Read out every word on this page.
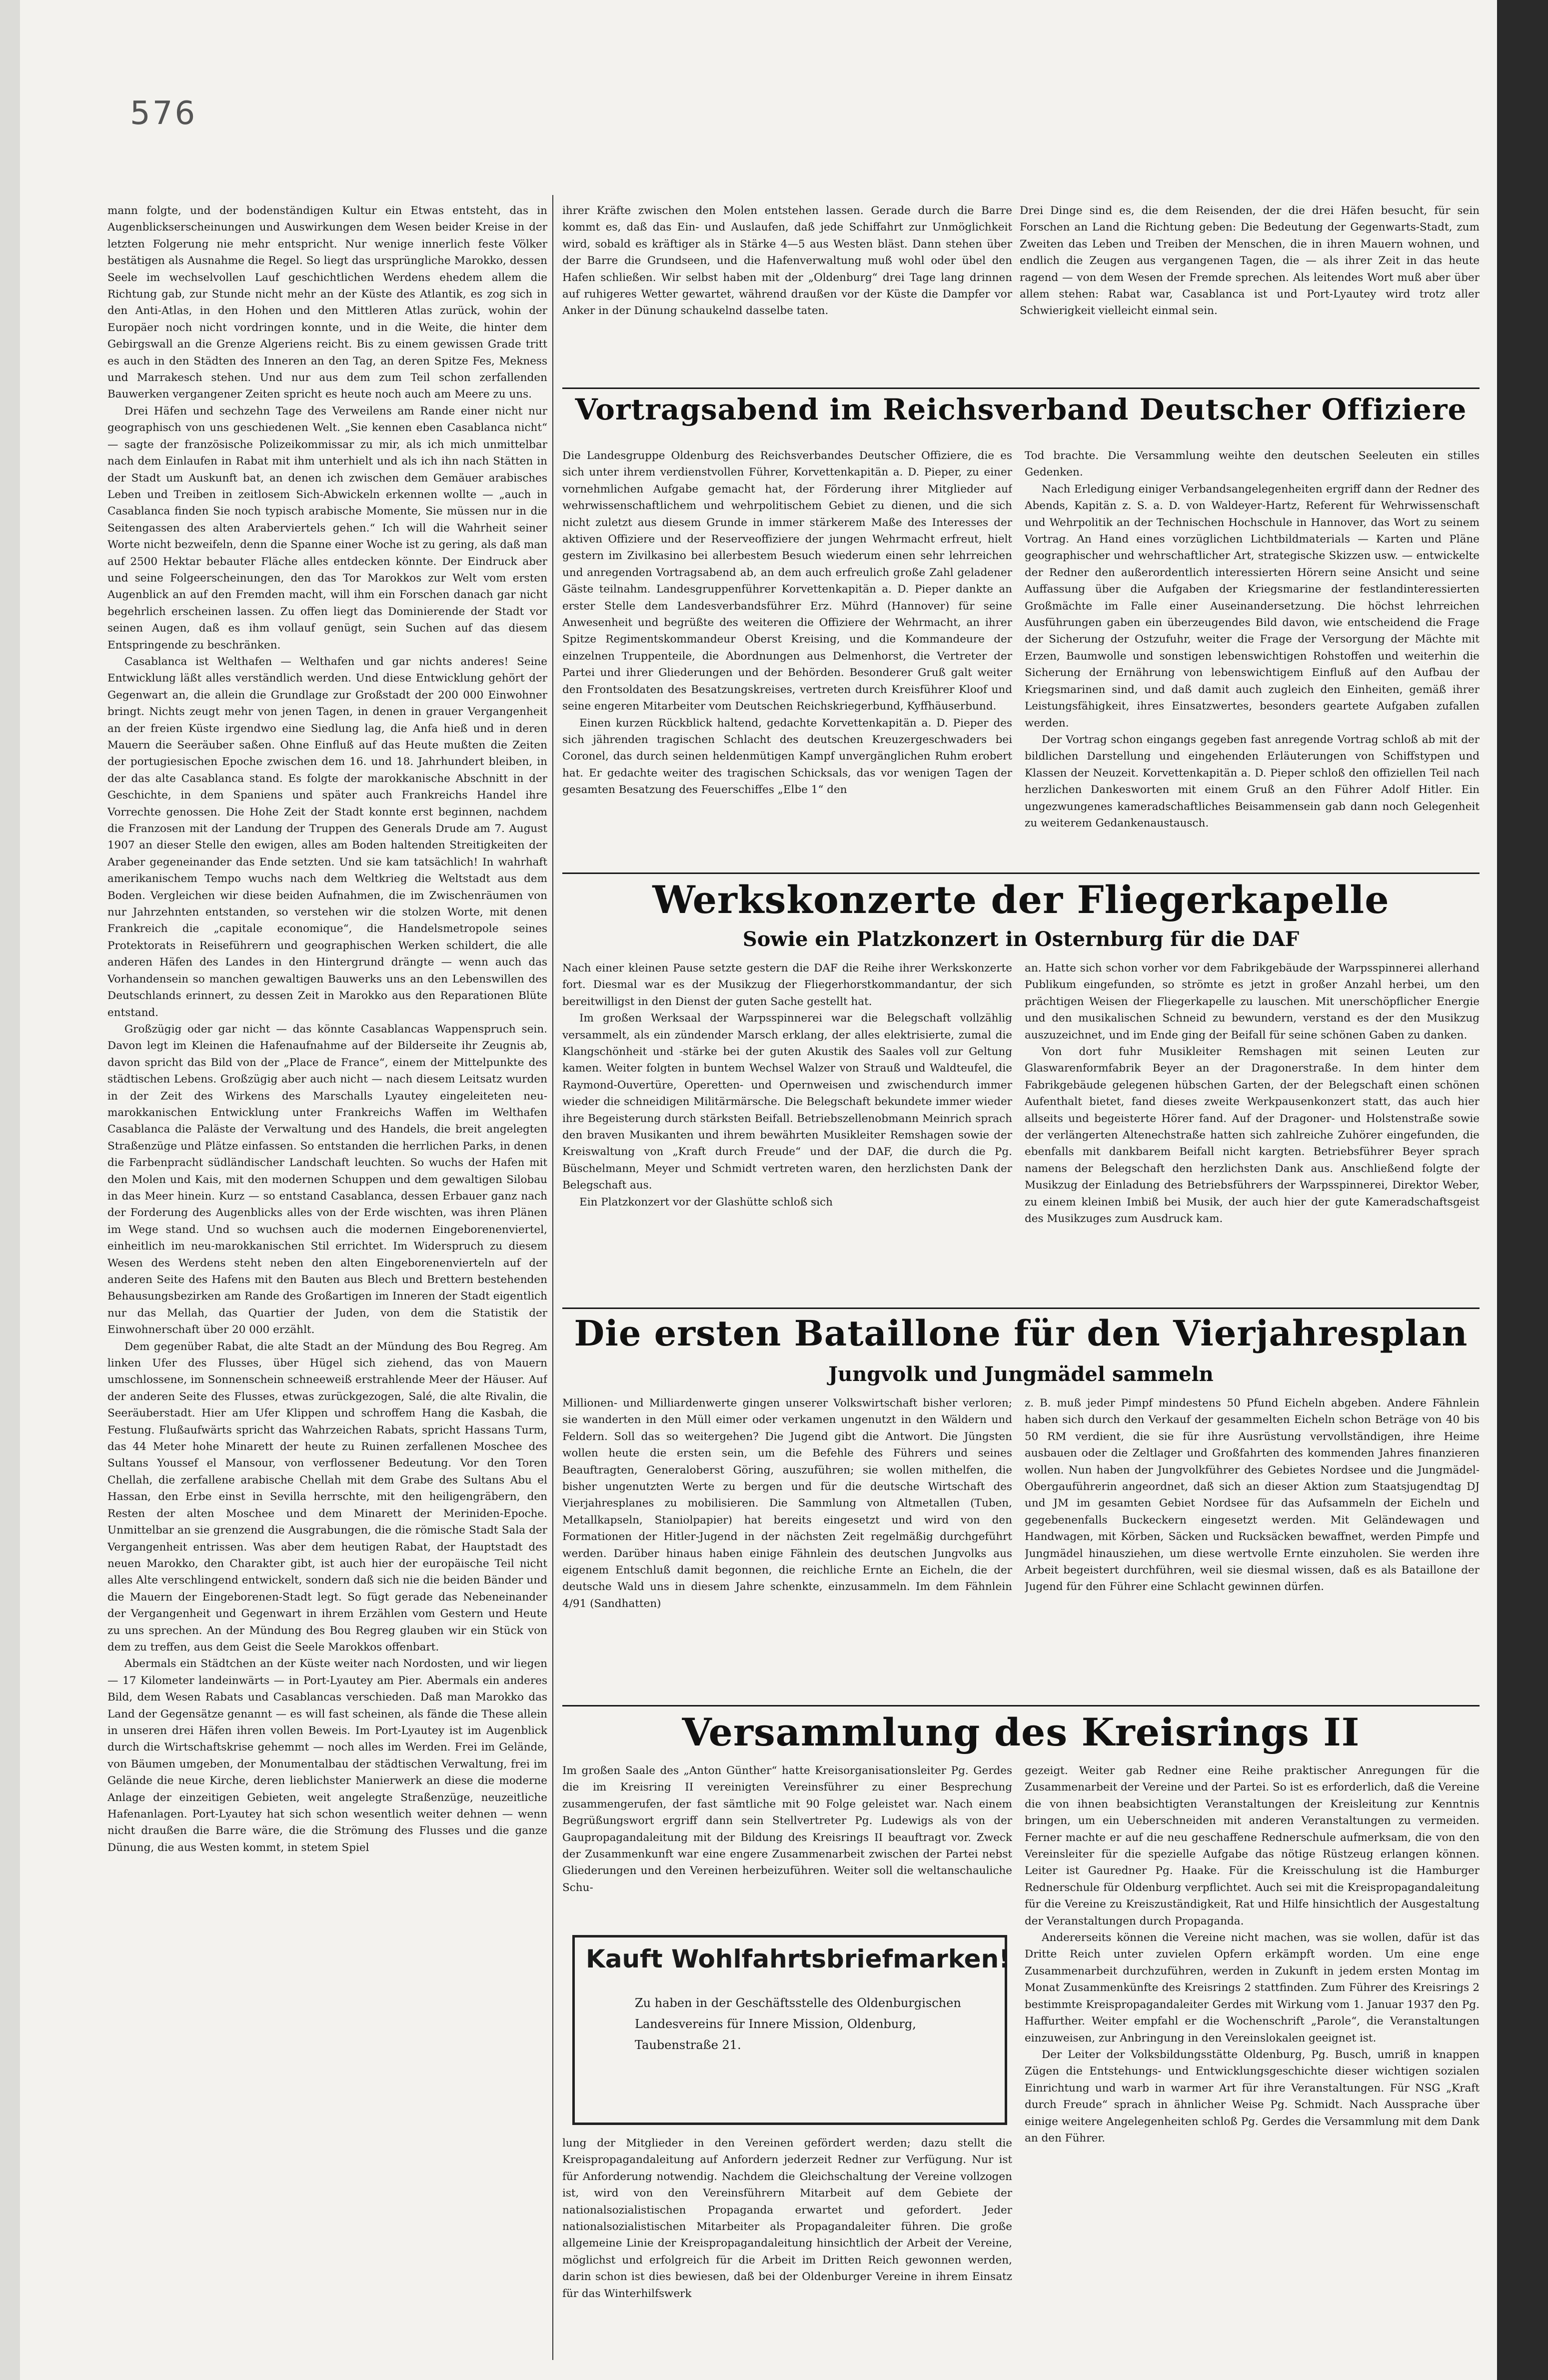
576

mann folgte, und der bodenständigen Kultur ein Etwas entsteht, das in Augenblickserscheinungen und Auswirkungen dem Wesen beider Kreise in der letzten Folgerung nie mehr entspricht. Nur wenige innerlich feste Völker bestätigen als Ausnahme die Regel. So liegt das ursprüngliche Marokko, dessen Seele im wechselvollen Lauf geschichtlichen Werdens ehedem allem die Richtung gab, zur Stunde nicht mehr an der Küste des Atlantik, es zog sich in den Anti-Atlas, in den Hohen und den Mittleren Atlas zurück, wohin der Europäer noch nicht vordringen konnte, und in die Weite, die hinter dem Gebirgswall an die Grenze Algeriens reicht. Bis zu einem gewissen Grade tritt es auch in den Städten des Inneren an den Tag, an deren Spitze Fes, Mekness und Marrakesch stehen. Und nur aus dem zum Teil schon zerfallenden Bauwerken vergangener Zeiten spricht es heute noch auch am Meere zu uns.

Drei Häfen und sechzehn Tage des Verweilens am Rande einer nicht nur geographisch von uns geschiedenen Welt. „Sie kennen eben Casablanca nicht“ — sagte der französische Polizeikommissar zu mir, als ich mich unmittelbar nach dem Einlaufen in Rabat mit ihm unterhielt und als ich ihn nach Stätten in der Stadt um Auskunft bat, an denen ich zwischen dem Gemäuer arabisches Leben und Treiben in zeitlosem Sich-Abwickeln erkennen wollte — „auch in Casablanca finden Sie noch typisch arabische Momente, Sie müssen nur in die Seitengassen des alten Araberviertels gehen.“ Ich will die Wahrheit seiner Worte nicht bezweifeln, denn die Spanne einer Woche ist zu gering, als daß man auf 2500 Hektar bebauter Fläche alles entdecken könnte. Der Eindruck aber und seine Folgeerscheinungen, den das Tor Marokkos zur Welt vom ersten Augenblick an auf den Fremden macht, will ihm ein Forschen danach gar nicht begehrlich erscheinen lassen. Zu offen liegt das Dominierende der Stadt vor seinen Augen, daß es ihm vollauf genügt, sein Suchen auf das diesem Entspringende zu beschränken.

Casablanca ist Welthafen — Welthafen und gar nichts anderes! Seine Entwicklung läßt alles verständlich werden. Und diese Entwicklung gehört der Gegenwart an, die allein die Grundlage zur Großstadt der 200 000 Einwohner bringt. Nichts zeugt mehr von jenen Tagen, in denen in grauer Vergangenheit an der freien Küste irgendwo eine Siedlung lag, die Anfa hieß und in deren Mauern die Seeräuber saßen. Ohne Einfluß auf das Heute mußten die Zeiten der portugiesischen Epoche zwischen dem 16. und 18. Jahrhundert bleiben, in der das alte Casablanca stand. Es folgte der marokkanische Abschnitt in der Geschichte, in dem Spaniens und später auch Frankreichs Handel ihre Vorrechte genossen. Die Hohe Zeit der Stadt konnte erst beginnen, nachdem die Franzosen mit der Landung der Truppen des Generals Drude am 7. August 1907 an dieser Stelle den ewigen, alles am Boden haltenden Streitigkeiten der Araber gegeneinander das Ende setzten. Und sie kam tatsächlich! In wahrhaft amerikanischem Tempo wuchs nach dem Weltkrieg die Weltstadt aus dem Boden. Vergleichen wir diese beiden Aufnahmen, die im Zwischenräumen von nur Jahrzehnten entstanden, so verstehen wir die stolzen Worte, mit denen Frankreich die „capitale economique“, die Handelsmetropole seines Protektorats in Reiseführern und geographischen Werken schildert, die alle anderen Häfen des Landes in den Hintergrund drängte — wenn auch das Vorhandensein so manchen gewaltigen Bauwerks uns an den Lebenswillen des Deutschlands erinnert, zu dessen Zeit in Marokko aus den Reparationen Blüte entstand.

Großzügig oder gar nicht — das könnte Casablancas Wappenspruch sein. Davon legt im Kleinen die Hafenaufnahme auf der Bilderseite ihr Zeugnis ab, davon spricht das Bild von der „Place de France“, einem der Mittelpunkte des städtischen Lebens. Großzügig aber auch nicht — nach diesem Leitsatz wurden in der Zeit des Wirkens des Marschalls Lyautey eingeleiteten neu-marokkanischen Entwicklung unter Frankreichs Waffen im Welthafen Casablanca die Paläste der Verwaltung und des Handels, die breit angelegten Straßenzüge und Plätze einfassen. So entstanden die herrlichen Parks, in denen die Farbenpracht südländischer Landschaft leuchten. So wuchs der Hafen mit den Molen und Kais, mit den modernen Schuppen und dem gewaltigen Silobau in das Meer hinein. Kurz — so entstand Casablanca, dessen Erbauer ganz nach der Forderung des Augenblicks alles von der Erde wischten, was ihren Plänen im Wege stand. Und so wuchsen auch die modernen Eingeborenenviertel, einheitlich im neu-marokkanischen Stil errichtet. Im Widerspruch zu diesem Wesen des Werdens steht neben den alten Eingeborenenvierteln auf der anderen Seite des Hafens mit den Bauten aus Blech und Brettern bestehenden Behausungsbezirken am Rande des Großartigen im Inneren der Stadt eigentlich nur das Mellah, das Quartier der Juden, von dem die Statistik der Einwohnerschaft über 20 000 erzählt.

Dem gegenüber Rabat, die alte Stadt an der Mündung des Bou Regreg. Am linken Ufer des Flusses, über Hügel sich ziehend, das von Mauern umschlossene, im Sonnenschein schneeweiß erstrahlende Meer der Häuser. Auf der anderen Seite des Flusses, etwas zurückgezogen, Salé, die alte Rivalin, die Seeräuberstadt. Hier am Ufer Klippen und schroffem Hang die Kasbah, die Festung. Flußaufwärts spricht das Wahrzeichen Rabats, spricht Hassans Turm, das 44 Meter hohe Minarett der heute zu Ruinen zerfallenen Moschee des Sultans Youssef el Mansour, von verflossener Bedeutung. Vor den Toren Chellah, die zerfallene arabische Chellah mit dem Grabe des Sultans Abu el Hassan, den Erbe einst in Sevilla herrschte, mit den heiligengräbern, den Resten der alten Moschee und dem Minarett der Meriniden-Epoche. Unmittelbar an sie grenzend die Ausgrabungen, die die römische Stadt Sala der Vergangenheit entrissen. Was aber dem heutigen Rabat, der Hauptstadt des neuen Marokko, den Charakter gibt, ist auch hier der europäische Teil nicht alles Alte verschlingend entwickelt, sondern daß sich nie die beiden Bänder und die Mauern der Eingeborenen-Stadt legt. So fügt gerade das Nebeneinander der Vergangenheit und Gegenwart in ihrem Erzählen vom Gestern und Heute zu uns sprechen. An der Mündung des Bou Regreg glauben wir ein Stück von dem zu treffen, aus dem Geist die Seele Marokkos offenbart.

Abermals ein Städtchen an der Küste weiter nach Nordosten, und wir liegen — 17 Kilometer landeinwärts — in Port-Lyautey am Pier. Abermals ein anderes Bild, dem Wesen Rabats und Casablancas verschieden. Daß man Marokko das Land der Gegensätze genannt — es will fast scheinen, als fände die These allein in unseren drei Häfen ihren vollen Beweis. Im Port-Lyautey ist im Augenblick durch die Wirtschaftskrise gehemmt — noch alles im Werden. Frei im Gelände, von Bäumen umgeben, der Monumentalbau der städtischen Verwaltung, frei im Gelände die neue Kirche, deren lieblichster Manierwerk an diese die moderne Anlage der einzeitigen Gebieten, weit angelegte Straßenzüge, neuzeitliche Hafenanlagen. Port-Lyautey hat sich schon wesentlich weiter dehnen — wenn nicht draußen die Barre wäre, die die Strömung des Flusses und die ganze Dünung, die aus Westen kommt, in stetem Spiel

ihrer Kräfte zwischen den Molen entstehen lassen. Gerade durch die Barre kommt es, daß das Ein- und Auslaufen, daß jede Schiffahrt zur Unmöglichkeit wird, sobald es kräftiger als in Stärke 4—5 aus Westen bläst. Dann stehen über der Barre die Grundseen, und die Hafenverwaltung muß wohl oder übel den Hafen schließen. Wir selbst haben mit der „Oldenburg“ drei Tage lang drinnen auf ruhigeres Wetter gewartet, während draußen vor der Küste die Dampfer vor Anker in der Dünung schaukelnd dasselbe taten.

Drei Dinge sind es, die dem Reisenden, der die drei Häfen besucht, für sein Forschen an Land die Richtung geben: Die Bedeutung der Gegenwarts-Stadt, zum Zweiten das Leben und Treiben der Menschen, die in ihren Mauern wohnen, und endlich die Zeugen aus vergangenen Tagen, die — als ihrer Zeit in das heute ragend — von dem Wesen der Fremde sprechen. Als leitendes Wort muß aber über allem stehen: Rabat war, Casablanca ist und Port-Lyautey wird trotz aller Schwierigkeit vielleicht einmal sein.

Vortragsabend im Reichsverband Deutscher Offiziere

Die Landesgruppe Oldenburg des Reichsverbandes Deutscher Offiziere, die es sich unter ihrem verdienstvollen Führer, Korvettenkapitän a. D. Pieper, zu einer vornehmlichen Aufgabe gemacht hat, der Förderung ihrer Mitglieder auf wehrwissenschaftlichem und wehrpolitischem Gebiet zu dienen, und die sich nicht zuletzt aus diesem Grunde in immer stärkerem Maße des Interesses der aktiven Offiziere und der Reserveoffiziere der jungen Wehrmacht erfreut, hielt gestern im Zivilkasino bei allerbestem Besuch wiederum einen sehr lehrreichen und anregenden Vortragsabend ab, an dem auch erfreulich große Zahl geladener Gäste teilnahm. Landesgruppenführer Korvettenkapitän a. D. Pieper dankte an erster Stelle dem Landesverbandsführer Erz. Mührd (Hannover) für seine Anwesenheit und begrüßte des weiteren die Offiziere der Wehrmacht, an ihrer Spitze Regimentskommandeur Oberst Kreising, und die Kommandeure der einzelnen Truppenteile, die Abordnungen aus Delmenhorst, die Vertreter der Partei und ihrer Gliederungen und der Behörden. Besonderer Gruß galt weiter den Frontsoldaten des Besatzungskreises, vertreten durch Kreisführer Kloof und seine engeren Mitarbeiter vom Deutschen Reichskriegerbund, Kyffhäuserbund.

Einen kurzen Rückblick haltend, gedachte Korvettenkapitän a. D. Pieper des sich jährenden tragischen Schlacht des deutschen Kreuzergeschwaders bei Coronel, das durch seinen heldenmütigen Kampf unvergänglichen Ruhm erobert hat. Er gedachte weiter des tragischen Schicksals, das vor wenigen Tagen der gesamten Besatzung des Feuerschiffes „Elbe 1“ den

Tod brachte. Die Versammlung weihte den deutschen Seeleuten ein stilles Gedenken.

Nach Erledigung einiger Verbandsangelegenheiten ergriff dann der Redner des Abends, Kapitän z. S. a. D. von Waldeyer-Hartz, Referent für Wehrwissenschaft und Wehrpolitik an der Technischen Hochschule in Hannover, das Wort zu seinem Vortrag. An Hand eines vorzüglichen Lichtbildmaterials — Karten und Pläne geographischer und wehrschaftlicher Art, strategische Skizzen usw. — entwickelte der Redner den außerordentlich interessierten Hörern seine Ansicht und seine Auffassung über die Aufgaben der Kriegsmarine der festlandinteressierten Großmächte im Falle einer Auseinandersetzung. Die höchst lehrreichen Ausführungen gaben ein überzeugendes Bild davon, wie entscheidend die Frage der Sicherung der Ostzufuhr, weiter die Frage der Versorgung der Mächte mit Erzen, Baumwolle und sonstigen lebenswichtigen Rohstoffen und weiterhin die Sicherung der Ernährung von lebenswichtigem Einfluß auf den Aufbau der Kriegsmarinen sind, und daß damit auch zugleich den Einheiten, gemäß ihrer Leistungsfähigkeit, ihres Einsatzwertes, besonders geartete Aufgaben zufallen werden.

Der Vortrag schon eingangs gegeben fast anregende Vortrag schloß ab mit der bildlichen Darstellung und eingehenden Erläuterungen von Schiffstypen und Klassen der Neuzeit. Korvettenkapitän a. D. Pieper schloß den offiziellen Teil nach herzlichen Dankesworten mit einem Gruß an den Führer Adolf Hitler. Ein ungezwungenes kameradschaftliches Beisammensein gab dann noch Gelegenheit zu weiterem Gedankenaustausch.

Werkskonzerte der Fliegerkapelle
Sowie ein Platzkonzert in Osternburg für die DAF

Nach einer kleinen Pause setzte gestern die DAF die Reihe ihrer Werkskonzerte fort. Diesmal war es der Musikzug der Fliegerhorstkommandantur, der sich bereitwilligst in den Dienst der guten Sache gestellt hat.

Im großen Werksaal der Warpsspinnerei war die Belegschaft vollzählig versammelt, als ein zündender Marsch erklang, der alles elektrisierte, zumal die Klangschönheit und -stärke bei der guten Akustik des Saales voll zur Geltung kamen. Weiter folgten in buntem Wechsel Walzer von Strauß und Waldteufel, die Raymond-Ouvertüre, Operetten- und Opernweisen und zwischendurch immer wieder die schneidigen Militärmärsche. Die Belegschaft bekundete immer wieder ihre Begeisterung durch stärksten Beifall. Betriebszellenobmann Meinrich sprach den braven Musikanten und ihrem bewährten Musikleiter Remshagen sowie der Kreiswaltung von „Kraft durch Freude“ und der DAF, die durch die Pg. Büschelmann, Meyer und Schmidt vertreten waren, den herzlichsten Dank der Belegschaft aus.

Ein Platzkonzert vor der Glashütte schloß sich

an. Hatte sich schon vorher vor dem Fabrikgebäude der Warpsspinnerei allerhand Publikum eingefunden, so strömte es jetzt in großer Anzahl herbei, um den prächtigen Weisen der Fliegerkapelle zu lauschen. Mit unerschöpflicher Energie und den musikalischen Schneid zu bewundern, verstand es der den Musikzug auszuzeichnet, und im Ende ging der Beifall für seine schönen Gaben zu danken.

Von dort fuhr Musikleiter Remshagen mit seinen Leuten zur Glaswarenformfabrik Beyer an der Dragonerstraße. In dem hinter dem Fabrikgebäude gelegenen hübschen Garten, der der Belegschaft einen schönen Aufenthalt bietet, fand dieses zweite Werkpausenkonzert statt, das auch hier allseits und begeisterte Hörer fand. Auf der Dragoner- und Holstenstraße sowie der verlängerten Altenechstraße hatten sich zahlreiche Zuhörer eingefunden, die ebenfalls mit dankbarem Beifall nicht kargten. Betriebsführer Beyer sprach namens der Belegschaft den herzlichsten Dank aus. Anschließend folgte der Musikzug der Einladung des Betriebsführers der Warpsspinnerei, Direktor Weber, zu einem kleinen Imbiß bei Musik, der auch hier der gute Kameradschaftsgeist des Musikzuges zum Ausdruck kam.

Die ersten Bataillone für den Vierjahresplan
Jungvolk und Jungmädel sammeln

Millionen- und Milliardenwerte gingen unserer Volkswirtschaft bisher verloren; sie wanderten in den Müll eimer oder verkamen ungenutzt in den Wäldern und Feldern. Soll das so weitergehen? Die Jugend gibt die Antwort. Die Jüngsten wollen heute die ersten sein, um die Befehle des Führers und seines Beauftragten, Generaloberst Göring, auszuführen; sie wollen mithelfen, die bisher ungenutzten Werte zu bergen und für die deutsche Wirtschaft des Vierjahresplanes zu mobilisieren. Die Sammlung von Altmetallen (Tuben, Metallkapseln, Staniolpapier) hat bereits eingesetzt und wird von den Formationen der Hitler-Jugend in der nächsten Zeit regelmäßig durchgeführt werden. Darüber hinaus haben einige Fähnlein des deutschen Jungvolks aus eigenem Entschluß damit begonnen, die reichliche Ernte an Eicheln, die der deutsche Wald uns in diesem Jahre schenkte, einzusammeln. Im dem Fähnlein 4/91 (Sandhatten)

z. B. muß jeder Pimpf mindestens 50 Pfund Eicheln abgeben. Andere Fähnlein haben sich durch den Verkauf der gesammelten Eicheln schon Beträge von 40 bis 50 RM verdient, die sie für ihre Ausrüstung vervollständigen, ihre Heime ausbauen oder die Zeltlager und Großfahrten des kommenden Jahres finanzieren wollen. Nun haben der Jungvolkführer des Gebietes Nordsee und die Jungmädel-Obergauführerin angeordnet, daß sich an dieser Aktion zum Staatsjugendtag DJ und JM im gesamten Gebiet Nordsee für das Aufsammeln der Eicheln und gegebenenfalls Buckeckern eingesetzt werden. Mit Geländewagen und Handwagen, mit Körben, Säcken und Rucksäcken bewaffnet, werden Pimpfe und Jungmädel hinausziehen, um diese wertvolle Ernte einzuholen. Sie werden ihre Arbeit begeistert durchführen, weil sie diesmal wissen, daß es als Bataillone der Jugend für den Führer eine Schlacht gewinnen dürfen.

Versammlung des Kreisrings II

Im großen Saale des „Anton Günther“ hatte Kreisorganisationsleiter Pg. Gerdes die im Kreisring II vereinigten Vereinsführer zu einer Besprechung zusammengerufen, der fast sämtliche mit 90 Folge geleistet war. Nach einem Begrüßungswort ergriff dann sein Stellvertreter Pg. Ludewigs als von der Gaupropagandaleitung mit der Bildung des Kreisrings II beauftragt vor. Zweck der Zusammenkunft war eine engere Zusammenarbeit zwischen der Partei nebst Gliederungen und den Vereinen herbeizuführen. Weiter soll die weltanschauliche Schu-

Kauft Wohlfahrtsbriefmarken!
Zu haben in der Geschäftsstelle des Oldenburgischen Landesvereins für Innere Mission, Oldenburg, Taubenstraße 21.

lung der Mitglieder in den Vereinen gefördert werden; dazu stellt die Kreispropagandaleitung auf Anfordern jederzeit Redner zur Verfügung. Nur ist für Anforderung notwendig. Nachdem die Gleichschaltung der Vereine vollzogen ist, wird von den Vereinsführern Mitarbeit auf dem Gebiete der nationalsozialistischen Propaganda erwartet und gefordert. Jeder nationalsozialistischen Mitarbeiter als Propagandaleiter führen. Die große allgemeine Linie der Kreispropagandaleitung hinsichtlich der Arbeit der Vereine, möglichst und erfolgreich für die Arbeit im Dritten Reich gewonnen werden, darin schon ist dies bewiesen, daß bei der Oldenburger Vereine in ihrem Einsatz für das Winterhilfswerk

gezeigt. Weiter gab Redner eine Reihe praktischer Anregungen für die Zusammenarbeit der Vereine und der Partei. So ist es erforderlich, daß die Vereine die von ihnen beabsichtigten Veranstaltungen der Kreisleitung zur Kenntnis bringen, um ein Ueberschneiden mit anderen Veranstaltungen zu vermeiden. Ferner machte er auf die neu geschaffene Rednerschule aufmerksam, die von den Vereinsleiter für die spezielle Aufgabe das nötige Rüstzeug erlangen können. Leiter ist Gauredner Pg. Haake. Für die Kreisschulung ist die Hamburger Rednerschule für Oldenburg verpflichtet. Auch sei mit die Kreispropagandaleitung für die Vereine zu Kreiszuständigkeit, Rat und Hilfe hinsichtlich der Ausgestaltung der Veranstaltungen durch Propaganda.

Andererseits können die Vereine nicht machen, was sie wollen, dafür ist das Dritte Reich unter zuvielen Opfern erkämpft worden. Um eine enge Zusammenarbeit durchzuführen, werden in Zukunft in jedem ersten Montag im Monat Zusammenkünfte des Kreisrings 2 stattfinden. Zum Führer des Kreisrings 2 bestimmte Kreispropagandaleiter Gerdes mit Wirkung vom 1. Januar 1937 den Pg. Haffurther. Weiter empfahl er die Wochenschrift „Parole“, die Veranstaltungen einzuweisen, zur Anbringung in den Vereinslokalen geeignet ist.

Der Leiter der Volksbildungsstätte Oldenburg, Pg. Busch, umriß in knappen Zügen die Entstehungs- und Entwicklungsgeschichte dieser wichtigen sozialen Einrichtung und warb in warmer Art für ihre Veranstaltungen. Für NSG „Kraft durch Freude“ sprach in ähnlicher Weise Pg. Schmidt. Nach Aussprache über einige weitere Angelegenheiten schloß Pg. Gerdes die Versammlung mit dem Dank an den Führer.
